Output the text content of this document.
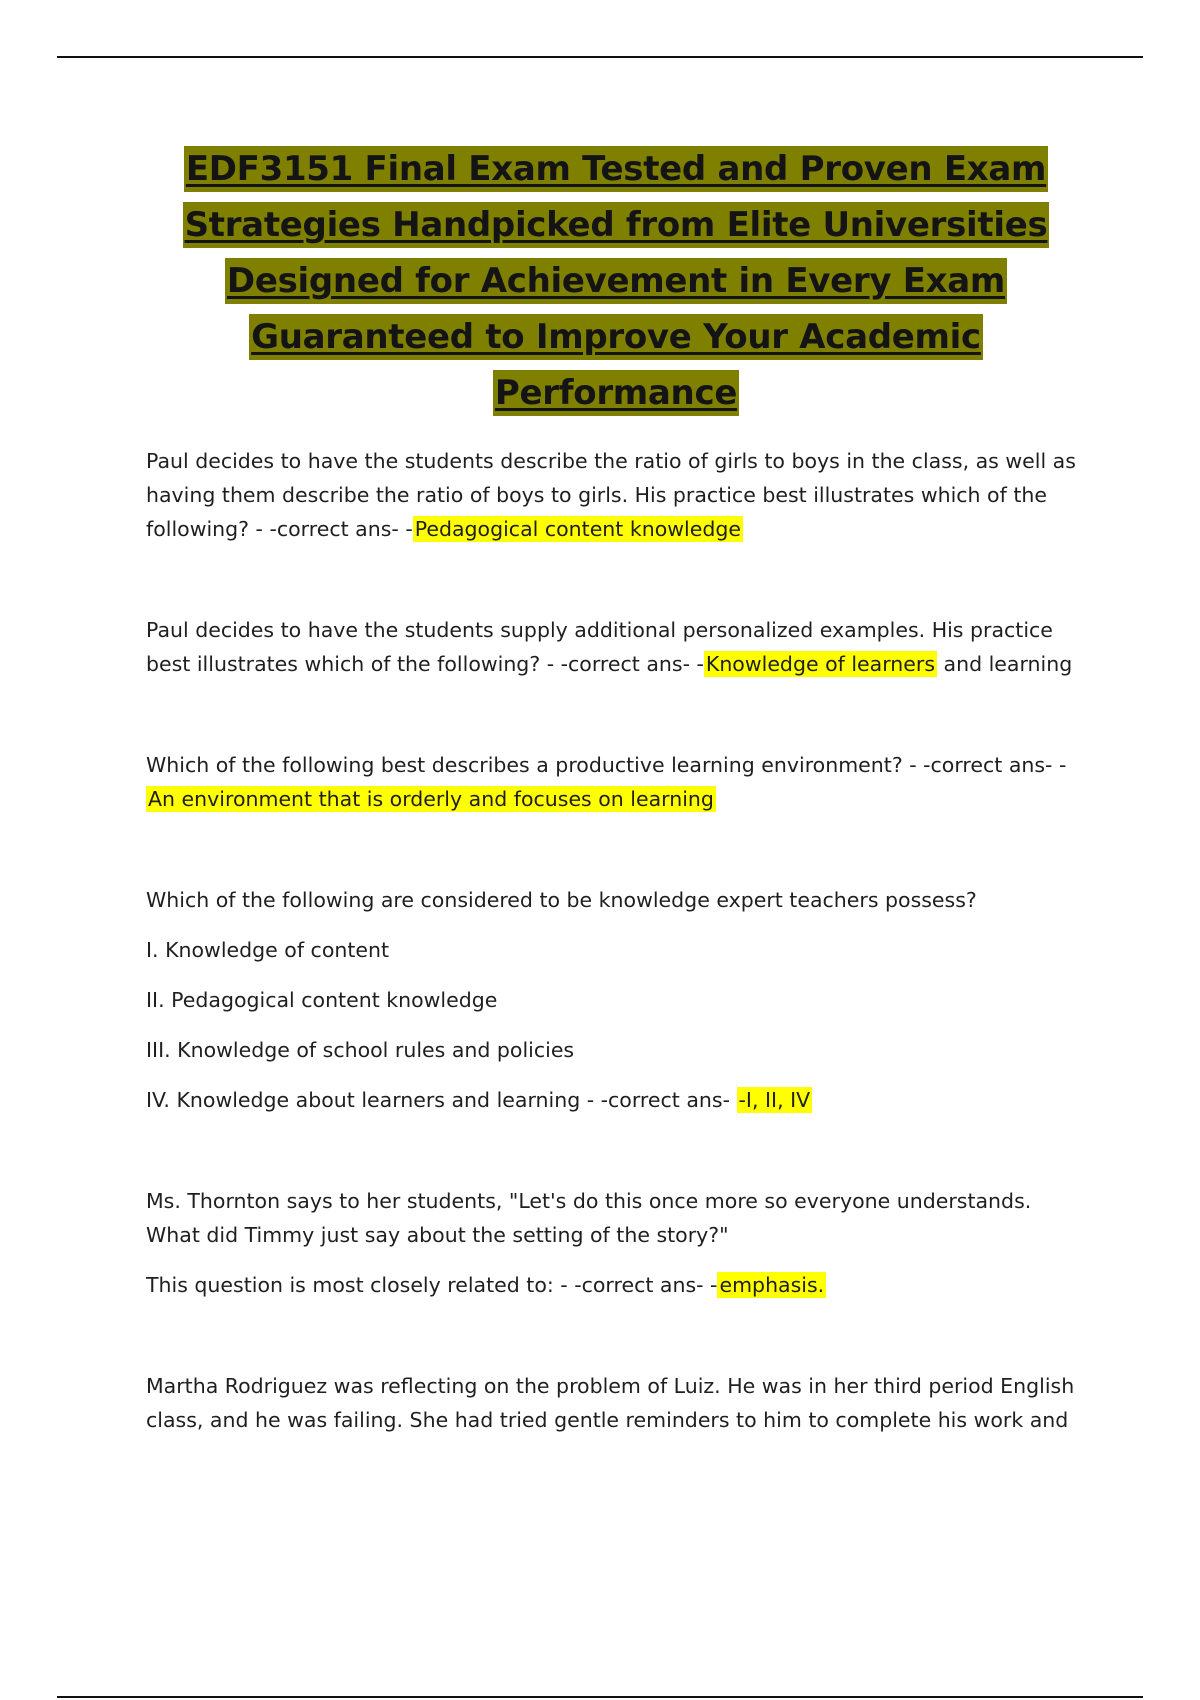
EDF3151 Final Exam Tested and Proven Exam

Strategies Handpicked from Elite Universities

Designed for Achievement in Every Exam

Guaranteed to Improve Your Academic

Performance

Paul decides to have the students describe the ratio of girls to boys in the class, as well as
having them describe the ratio of boys to girls. His practice best illustrates which of the
following? - -correct ans- -Pedagogical content knowledge
Paul decides to have the students supply additional personalized examples. His practice
best illustrates which of the following? - -correct ans- -Knowledge of learners and learning
Which of the following best describes a productive learning environment? - -correct ans- -
An environment that is orderly and focuses on learning
Which of the following are considered to be knowledge expert teachers possess?
I. Knowledge of content
II. Pedagogical content knowledge
III. Knowledge of school rules and policies
IV. Knowledge about learners and learning - -correct ans- -I, II, IV
Ms. Thornton says to her students, "Let's do this once more so everyone understands.
What did Timmy just say about the setting of the story?"
This question is most closely related to: - -correct ans- -emphasis.
Martha Rodriguez was reflecting on the problem of Luiz. He was in her third period English
class, and he was failing. She had tried gentle reminders to him to complete his work and
